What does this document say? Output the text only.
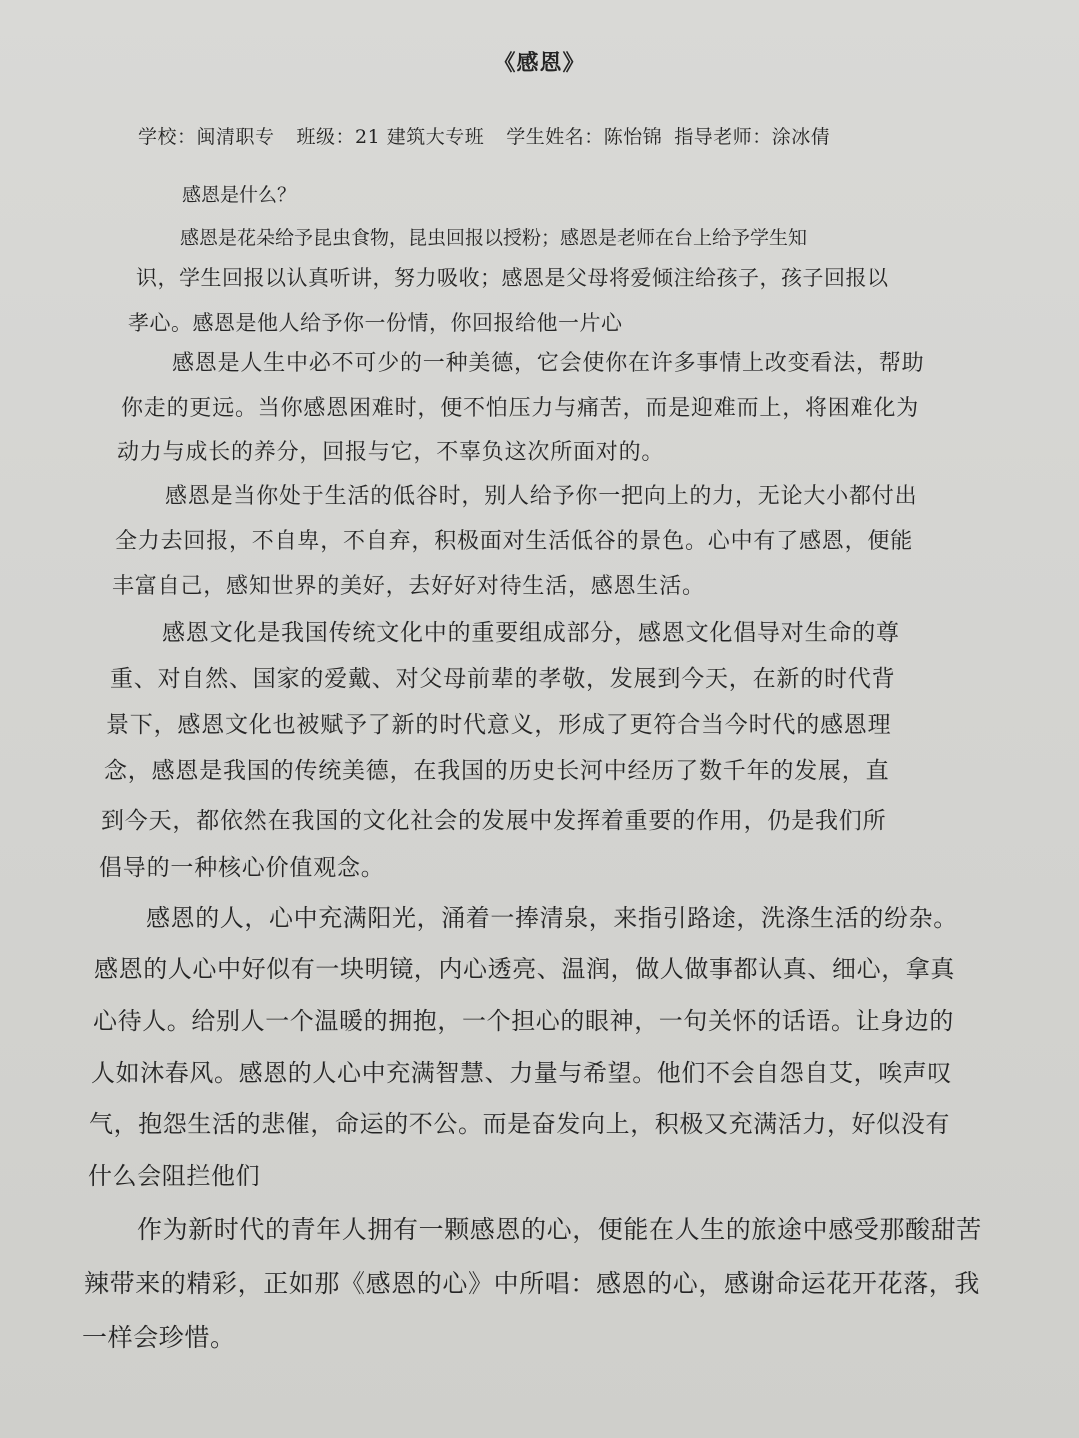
《感恩》
学校：闽清职专 班级：21 建筑大专班 学生姓名：陈怡锦 指导老师：涂冰倩
感恩是什么？
感恩是花朵给予昆虫食物，昆虫回报以授粉；感恩是老师在台上给予学生知
识，学生回报以认真听讲，努力吸收；感恩是父母将爱倾注给孩子，孩子回报以
孝心。感恩是他人给予你一份情，你回报给他一片心
感恩是人生中必不可少的一种美德，它会使你在许多事情上改变看法，帮助
你走的更远。当你感恩困难时，便不怕压力与痛苦，而是迎难而上，将困难化为
动力与成长的养分，回报与它，不辜负这次所面对的。
感恩是当你处于生活的低谷时，别人给予你一把向上的力，无论大小都付出
全力去回报，不自卑，不自弃，积极面对生活低谷的景色。心中有了感恩，便能
丰富自己，感知世界的美好，去好好对待生活，感恩生活。
感恩文化是我国传统文化中的重要组成部分，感恩文化倡导对生命的尊
重、对自然、国家的爱戴、对父母前辈的孝敬，发展到今天，在新的时代背
景下，感恩文化也被赋予了新的时代意义，形成了更符合当今时代的感恩理
念，感恩是我国的传统美德，在我国的历史长河中经历了数千年的发展，直
到今天，都依然在我国的文化社会的发展中发挥着重要的作用，仍是我们所
倡导的一种核心价值观念。
感恩的人，心中充满阳光，涌着一捧清泉，来指引路途，洗涤生活的纷杂。
感恩的人心中好似有一块明镜，内心透亮、温润，做人做事都认真、细心，拿真
心待人。给别人一个温暖的拥抱，一个担心的眼神，一句关怀的话语。让身边的
人如沐春风。感恩的人心中充满智慧、力量与希望。他们不会自怨自艾，唉声叹
气，抱怨生活的悲催，命运的不公。而是奋发向上，积极又充满活力，好似没有
什么会阻拦他们
作为新时代的青年人拥有一颗感恩的心，便能在人生的旅途中感受那酸甜苦
辣带来的精彩，正如那《感恩的心》中所唱：感恩的心，感谢命运花开花落，我
一样会珍惜。
